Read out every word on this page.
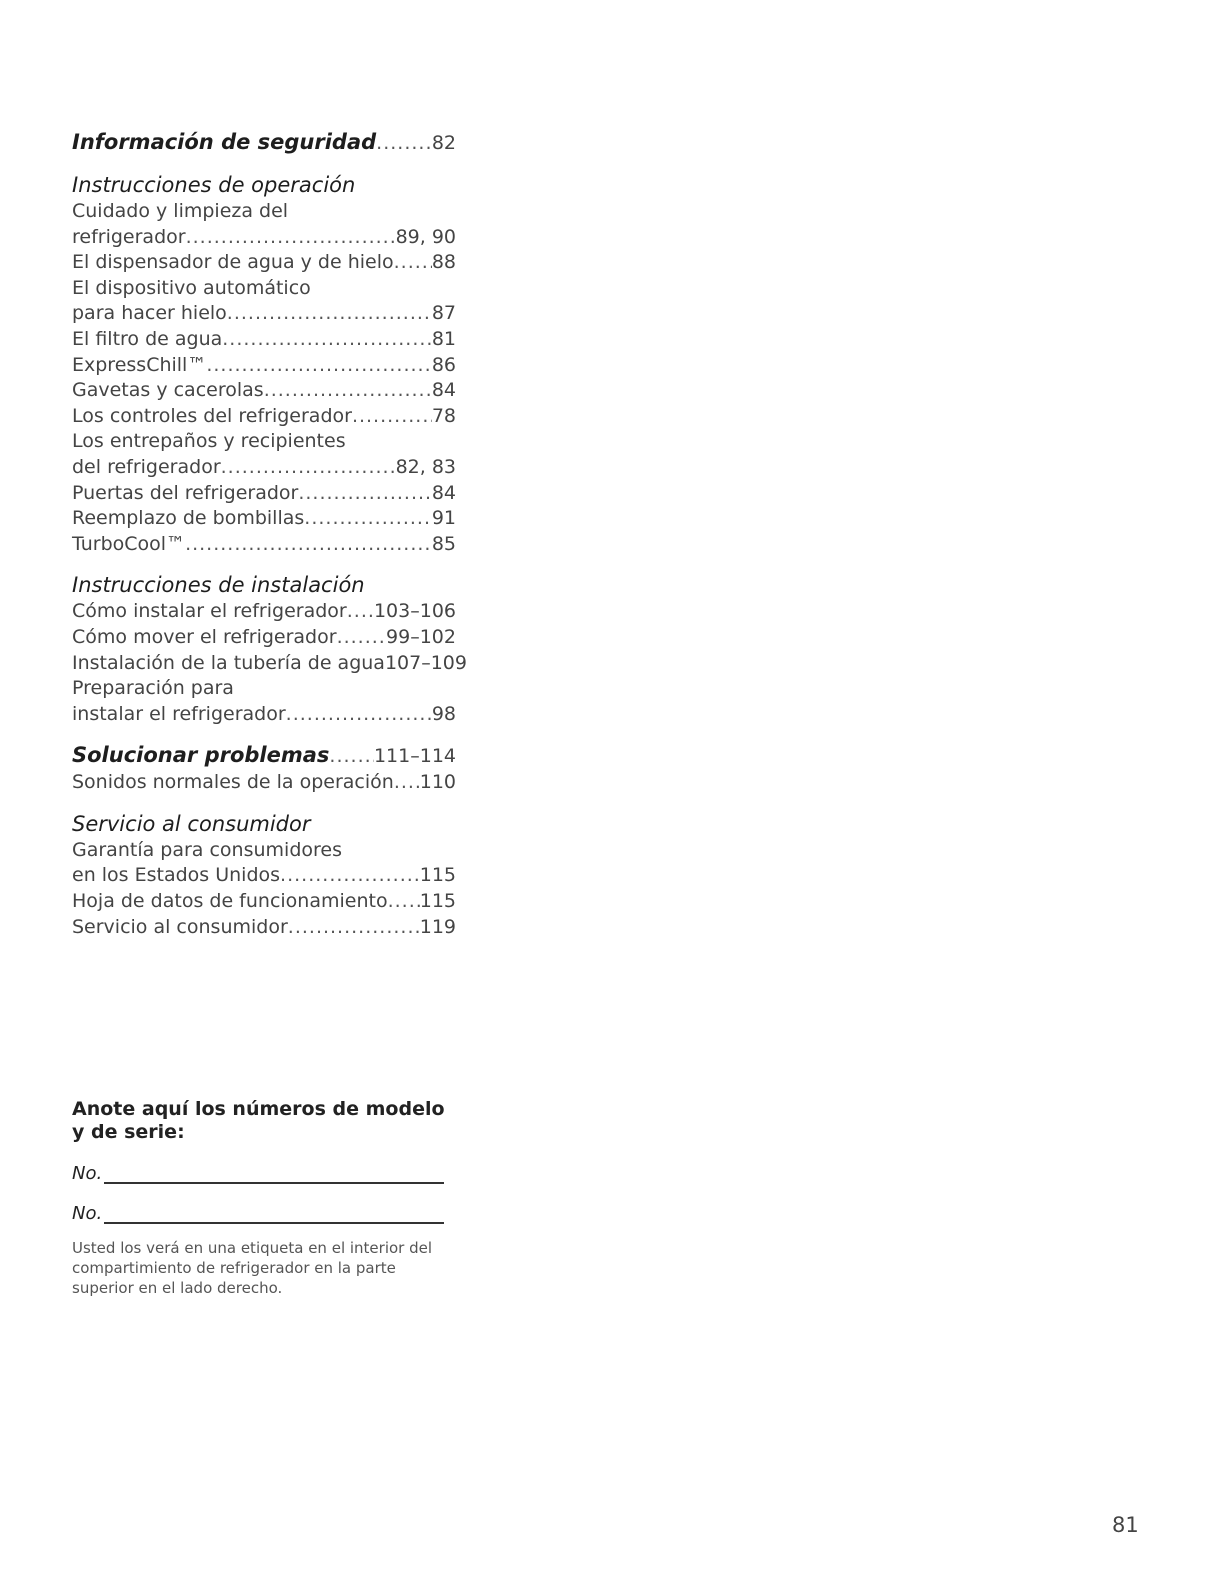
Información de seguridad .....	82
Instrucciones de operación
Cuidado y limpieza del
refrigerador .....	89, 90
El dispensador de agua y de hielo ..... 88
El dispositivo automático
para hacer hielo .....	87
El filtro de agua .....	81
ExpressChill™ .....	86
Gavetas y cacerolas .....	84
Los controles del refrigerador .....	78
Los entrepaños y recipientes
del refrigerador .....	82, 83
Puertas del refrigerador .....	84
Reemplazo de bombillas .....	91
TurboCool™ .....	85
Instrucciones de instalación
Cómo instalar el refrigerador ..... 103–106
Cómo mover el refrigerador .....	99–102
Instalación de la tubería de agua 107–109
Preparación para
instalar el refrigerador .....	98
Solucionar problemas ..... 111–114
Sonidos normales de la operación ..... 110
Servicio al consumidor
Garantía para consumidores
en los Estados Unidos .....	115
Hoja de datos de funcionamiento ..... 115
Servicio al consumidor .....	119
Anote aquí los números de modelo y de serie:
No.
No.
Usted los verá en una etiqueta en el interior del compartimiento de refrigerador en la parte superior en el lado derecho.
81
